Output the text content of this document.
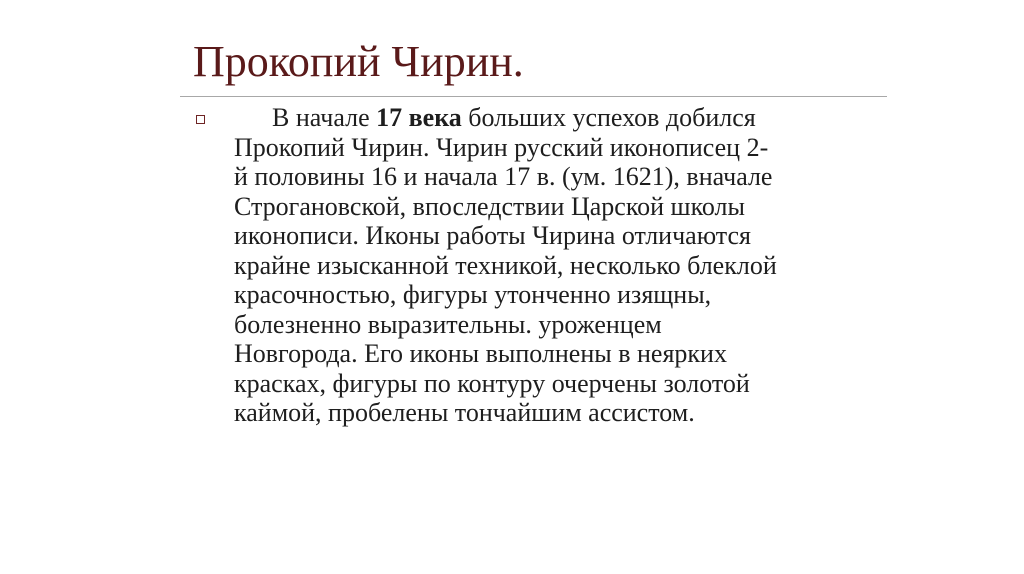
Прокопий Чирин.

В начале 17 века больших успехов добился
Прокопий Чирин. Чирин русский иконописец 2-
й половины 16 и начала 17 в. (ум. 1621), вначале
Строгановской, впоследствии Царской школы
иконописи. Иконы работы Чирина отличаются
крайне изысканной техникой, несколько блеклой
красочностью, фигуры утонченно изящны,
болезненно выразительны. уроженцем
Новгорода. Его иконы выполнены в неярких
красках, фигуры по контуру очерчены золотой
каймой, пробелены тончайшим ассистом.
